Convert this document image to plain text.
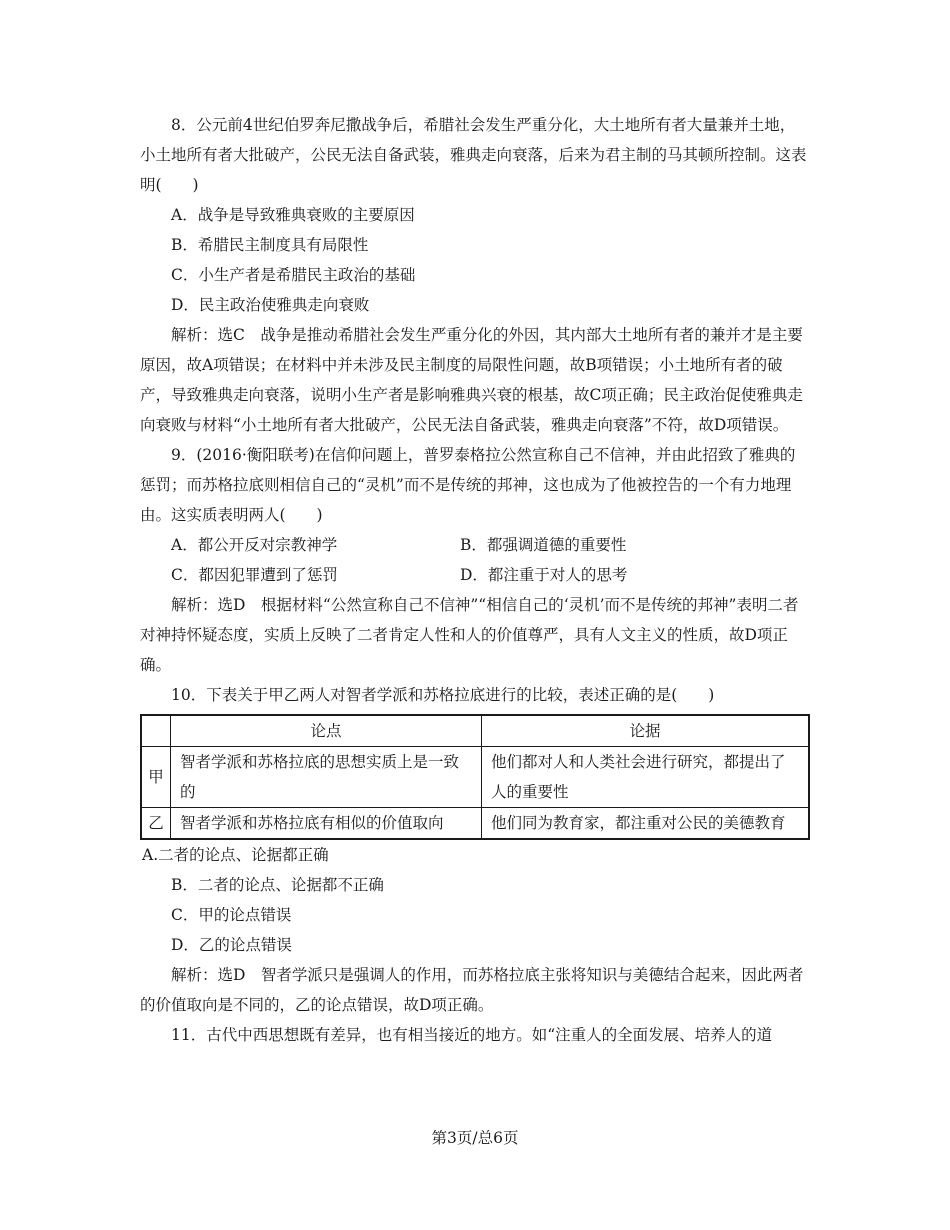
8．公元前4世纪伯罗奔尼撒战争后，希腊社会发生严重分化，大土地所有者大量兼并土地，小土地所有者大批破产，公民无法自备武装，雅典走向衰落，后来为君主制的马其顿所控制。这表明(　　)

A．战争是导致雅典衰败的主要原因

B．希腊民主制度具有局限性

C．小生产者是希腊民主政治的基础

D．民主政治使雅典走向衰败

解析：选C　战争是推动希腊社会发生严重分化的外因，其内部大土地所有者的兼并才是主要原因，故A项错误；在材料中并未涉及民主制度的局限性问题，故B项错误；小土地所有者的破产，导致雅典走向衰落，说明小生产者是影响雅典兴衰的根基，故C项正确；民主政治促使雅典走向衰败与材料“小土地所有者大批破产，公民无法自备武装，雅典走向衰落”不符，故D项错误。

9．(2016·衡阳联考)在信仰问题上，普罗泰格拉公然宣称自己不信神，并由此招致了雅典的惩罚；而苏格拉底则相信自己的“灵机”而不是传统的邦神，这也成为了他被控告的一个有力地理由。这实质表明两人(　　)

A．都公开反对宗教神学	B．都强调道德的重要性
C．都因犯罪遭到了惩罚	D．都注重于对人的思考

解析：选D　根据材料“公然宣称自己不信神”“相信自己的‘灵机’而不是传统的邦神”表明二者对神持怀疑态度，实质上反映了二者肯定人性和人的价值尊严，具有人文主义的性质，故D项正确。

10．下表关于甲乙两人对智者学派和苏格拉底进行的比较，表述正确的是(　　)

	论点	论据
甲	智者学派和苏格拉底的思想实质上是一致的	他们都对人和人类社会进行研究，都提出了人的重要性
乙	智者学派和苏格拉底有相似的价值取向	他们同为教育家，都注重对公民的美德教育

A.二者的论点、论据都正确

B．二者的论点、论据都不正确

C．甲的论点错误

D．乙的论点错误

解析：选D　智者学派只是强调人的作用，而苏格拉底主张将知识与美德结合起来，因此两者的价值取向是不同的，乙的论点错误，故D项正确。

11．古代中西思想既有差异，也有相当接近的地方。如“注重人的全面发展、培养人的道

第3页/总6页
